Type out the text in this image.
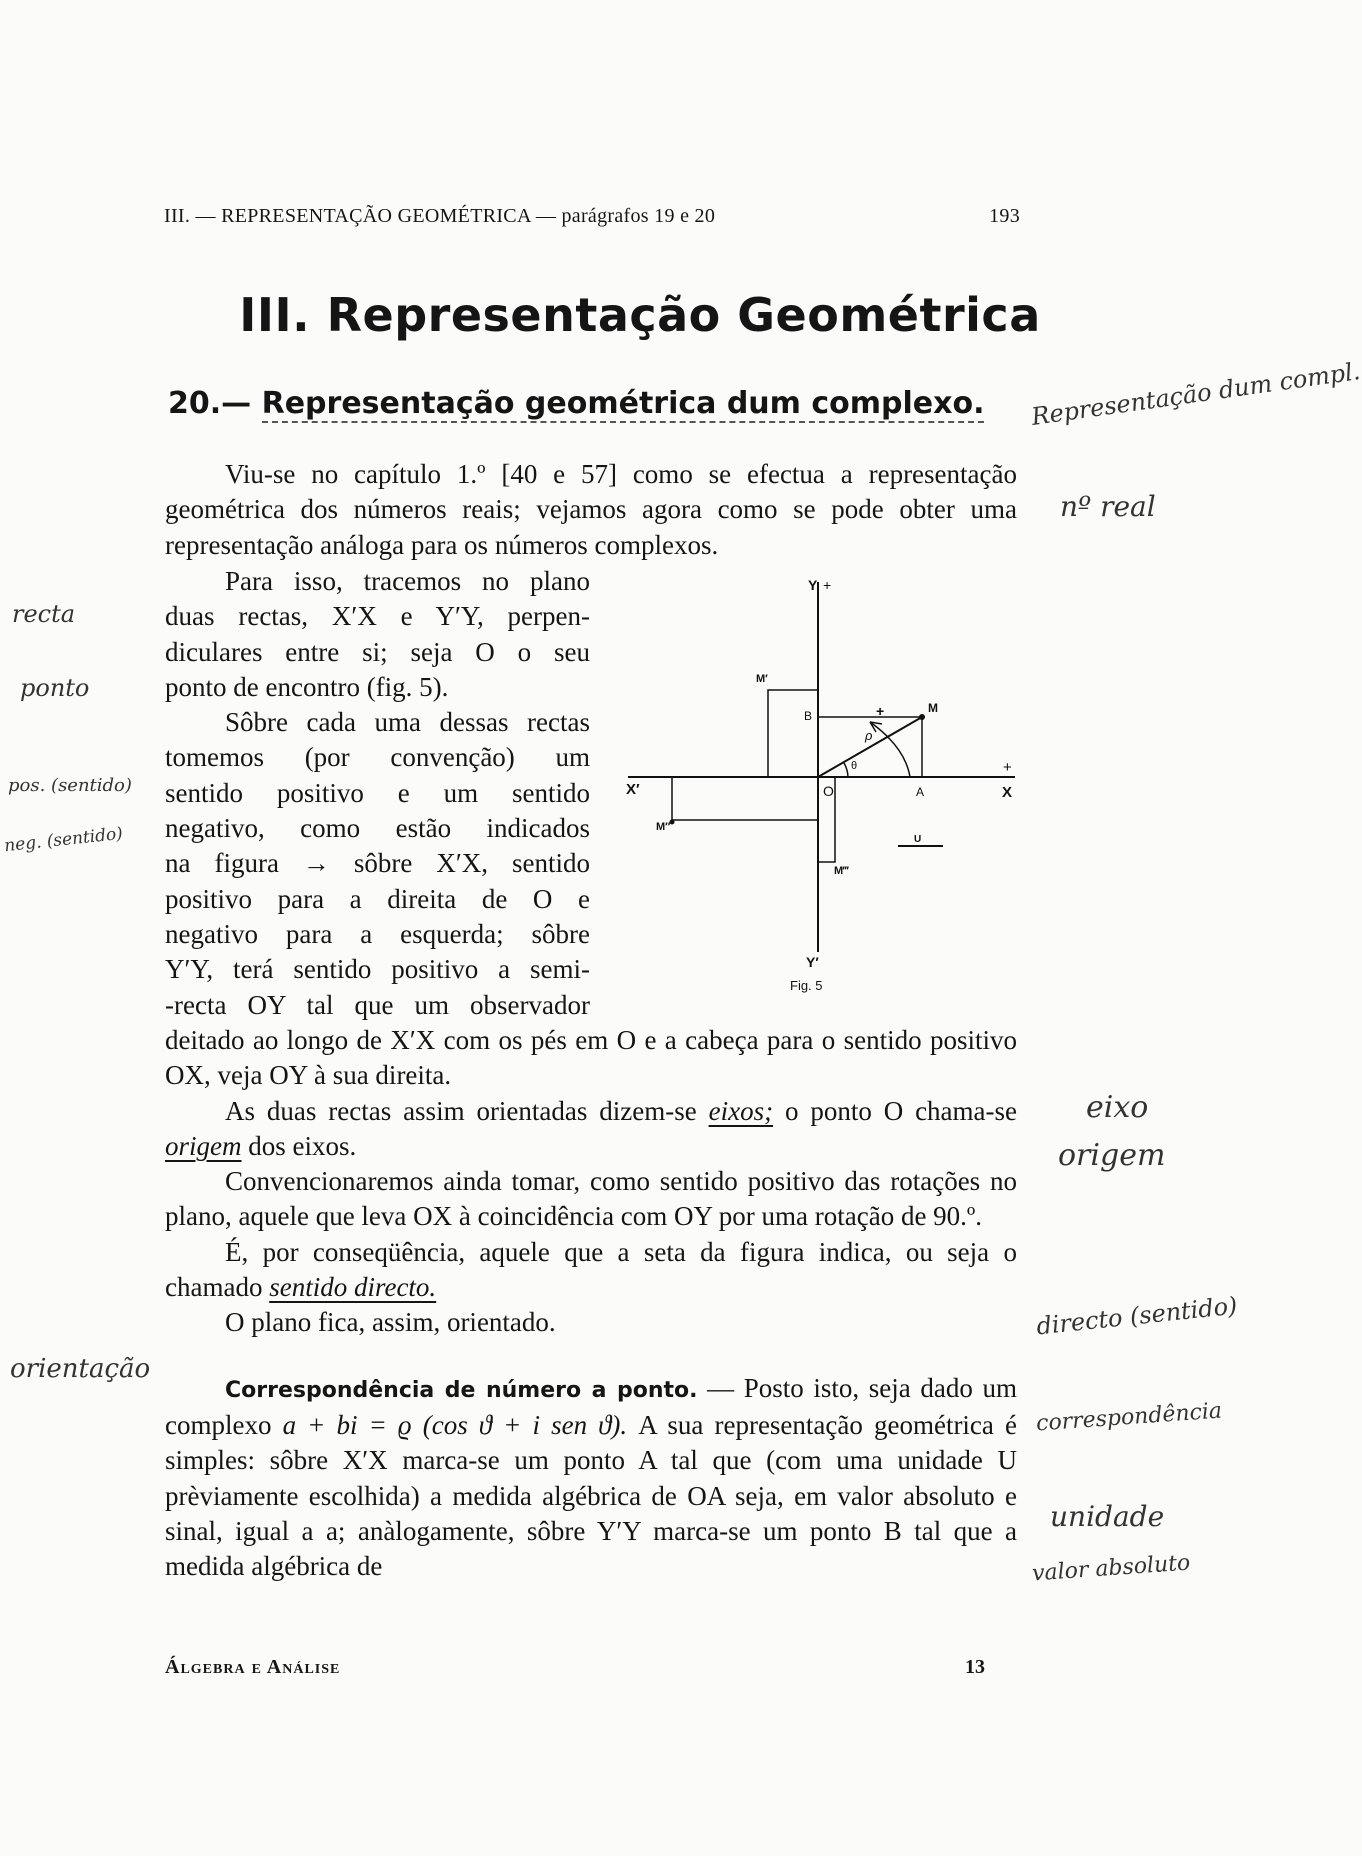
III. — REPRESENTAÇÃO GEOMÉTRICA — parágrafos 19 e 20	193
III. Representação Geométrica
20.— Representação geométrica dum complexo.

Viu-se no capítulo 1.º [40 e 57] como se efectua a representação geométrica dos números reais; vejamos agora como se pode obter uma representação análoga para os números complexos.

Para isso, tracemos no plano

duas rectas, X′X e Y′Y, perpen-

diculares entre si; seja O o seu

ponto de encontro (fig. 5).

Sôbre cada uma dessas rectas

tomemos (por convenção) um

sentido positivo e um sentido

negativo, como estão indicados

na figura → sôbre X′X, sentido

positivo para a direita de O e

negativo para a esquerda; sôbre

Y′Y, terá sentido positivo a semi-

-recta OY tal que um observador

Y +
Y′
X
+
X′	O
M
A
B
ρ
θ
+
M′
M″
M‴
U
Fig. 5

deitado ao longo de X′X com os pés em O e a cabeça para o sentido positivo OX, veja OY à sua direita.

As duas rectas assim orientadas dizem-se eixos; o ponto O chama-se origem dos eixos.

Convencionaremos ainda tomar, como sentido positivo das rotações no plano, aquele que leva OX à coincidência com OY por uma rotação de 90.º.

É, por conseqüência, aquele que a seta da figura indica, ou seja o chamado sentido directo.

O plano fica, assim, orientado.

Correspondência de número a ponto. — Posto isto, seja dado um complexo a + bi = ϱ (cos ϑ + i sen ϑ). A sua representação geométrica é simples: sôbre X′X marca-se um ponto A tal que (com uma unidade U prèviamente escolhida) a medida algébrica de OA seja, em valor absoluto e sinal, igual a a; anàlogamente, sôbre Y′Y marca-se um ponto B tal que a medida algébrica de

Álgebra e Análise	13
Representação dum compl.
nº real
recta
ponto
pos. (sentido)
neg. (sentido)
eixo
origem
orientação
directo (sentido)
correspondência
unidade
valor absoluto
